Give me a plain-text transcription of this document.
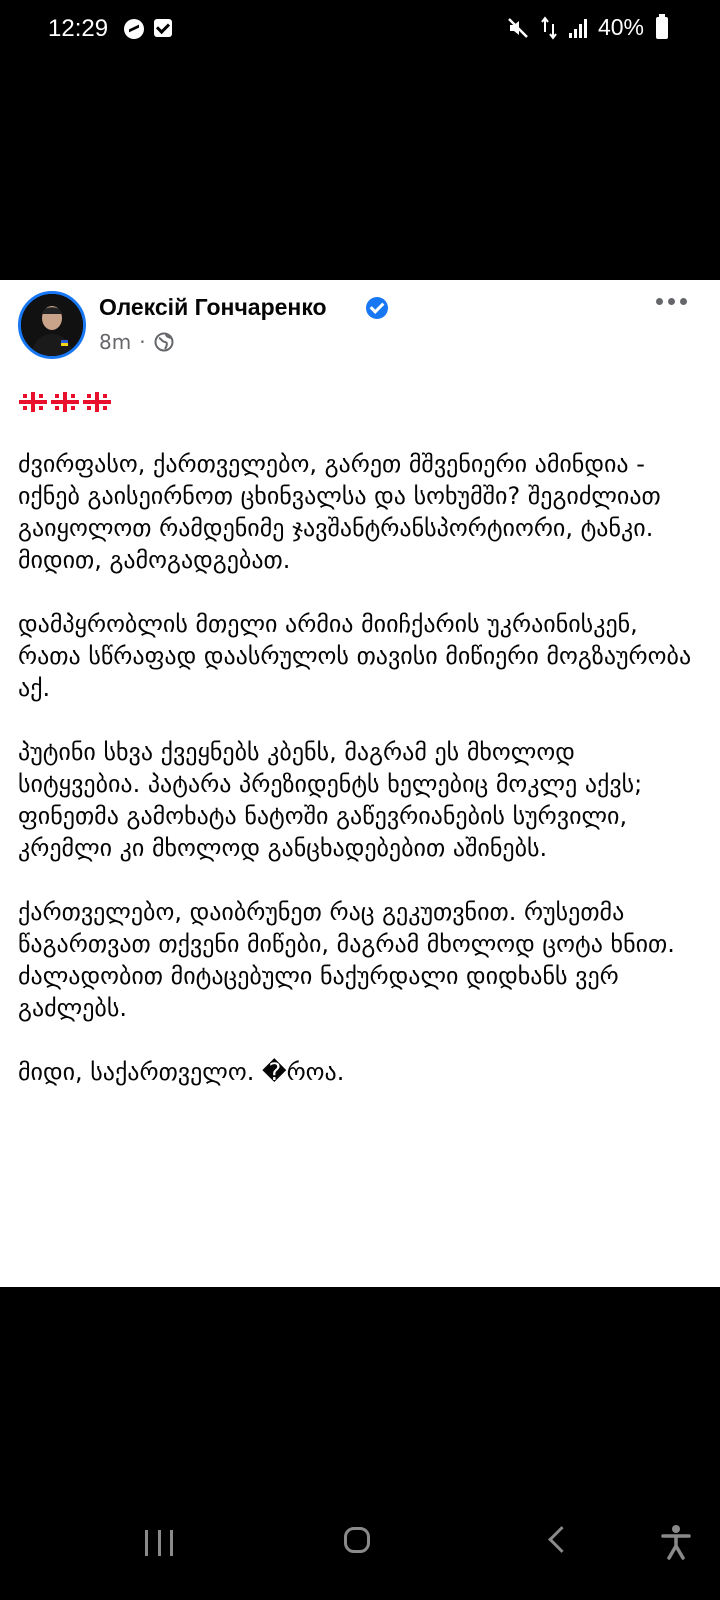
12:29	40%
Олексій Гончаренко
8m ·

ძვირფასო, ქართველებო, გარეთ მშვენიერი ამინდია - იქნებ გაისეირნოთ ცხინვალსა და სოხუმში? შეგიძლიათ გაიყოლოთ რამდენიმე ჯავშანტრანსპორტიორი, ტანკი. მიდით, გამოგადგებათ.

დამპყრობლის მთელი არმია მიიჩქარის უკრაინისკენ, რათა სწრაფად დაასრულოს თავისი მიწიერი მოგზაურობა აქ.

პუტინი სხვა ქვეყნებს კბენს, მაგრამ ეს მხოლოდ სიტყვებია. პატარა პრეზიდენტს ხელებიც მოკლე აქვს; ფინეთმა გამოხატა ნატოში გაწევრიანების სურვილი, კრემლი კი მხოლოდ განცხადებებით აშინებს.

ქართველებო, დაიბრუნეთ რაც გეკუთვნით. რუსეთმა წაგართვათ თქვენი მიწები, მაგრამ მხოლოდ ცოტა ხნით. ძალადობით მიტაცებული ნაქურდალი დიდხანს ვერ გაძლებს.

მიდი, საქართველო. �როა.
